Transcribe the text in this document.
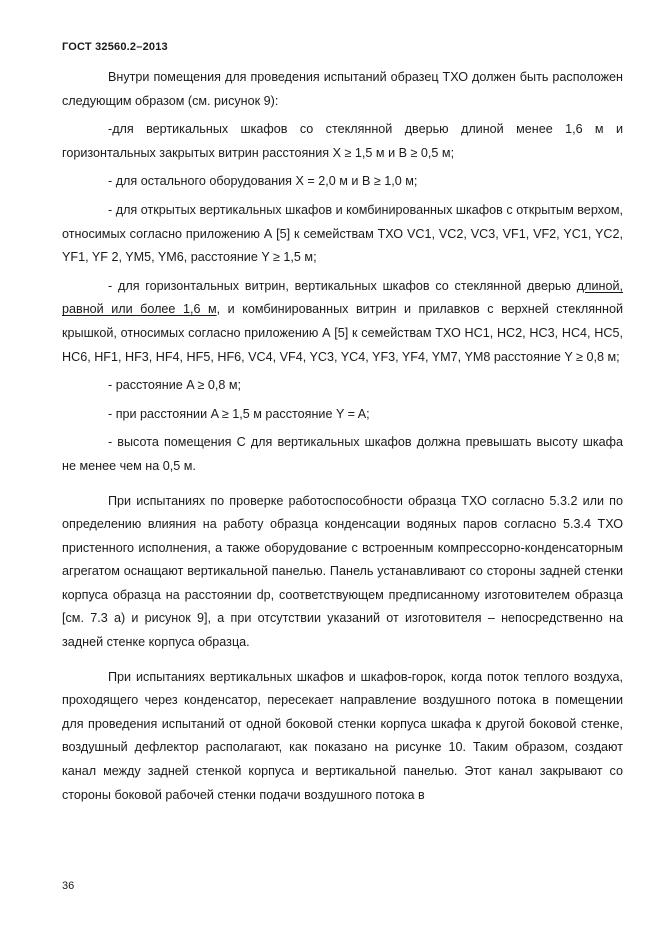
ГОСТ 32560.2–2013

Внутри помещения для проведения испытаний образец ТХО должен быть расположен следующим образом (см. рисунок 9):

-для вертикальных шкафов со стеклянной дверью длиной менее 1,6 м и горизонтальных закрытых витрин расстояния X ≥ 1,5 м и B ≥ 0,5 м;

- для остального оборудования X = 2,0 м и B ≥ 1,0 м;

- для открытых вертикальных шкафов и комбинированных шкафов с открытым верхом, относимых согласно приложению А [5] к семействам ТХО VC1, VC2, VC3, VF1, VF2, YC1, YC2, YF1, YF 2, YM5, YM6, расстояние Y ≥ 1,5 м;

- для горизонтальных витрин, вертикальных шкафов со стеклянной дверью длиной, равной или более 1,6 м, и комбинированных витрин и прилавков с верхней стеклянной крышкой, относимых согласно приложению А [5] к семействам ТХО HC1, HC2, HC3, HC4, HC5, HC6, HF1, HF3, HF4, HF5, HF6, VC4, VF4, YC3, YC4, YF3, YF4, YM7, YM8 расстояние Y ≥ 0,8 м;

- расстояние A ≥ 0,8 м;

- при расстоянии A ≥ 1,5 м расстояние Y = A;

- высота помещения C для вертикальных шкафов должна превышать высоту шкафа не менее чем на 0,5 м.

При испытаниях по проверке работоспособности образца ТХО согласно 5.3.2 или по определению влияния на работу образца конденсации водяных паров согласно 5.3.4 ТХО пристенного исполнения, а также оборудование с встроенным компрессорно-конденсаторным агрегатом оснащают вертикальной панелью. Панель устанавливают со стороны задней стенки корпуса образца на расстоянии dp, соответствующем предписанному изготовителем образца [см. 7.3 а) и рисунок 9], а при отсутствии указаний от изготовителя – непосредственно на задней стенке корпуса образца.

При испытаниях вертикальных шкафов и шкафов-горок, когда поток теплого воздуха, проходящего через конденсатор, пересекает направление воздушного потока в помещении для проведения испытаний от одной боковой стенки корпуса шкафа к другой боковой стенке, воздушный дефлектор располагают, как показано на рисунке 10. Таким образом, создают канал между задней стенкой корпуса и вертикальной панелью. Этот канал закрывают со стороны боковой рабочей стенки подачи воздушного потока в

36
